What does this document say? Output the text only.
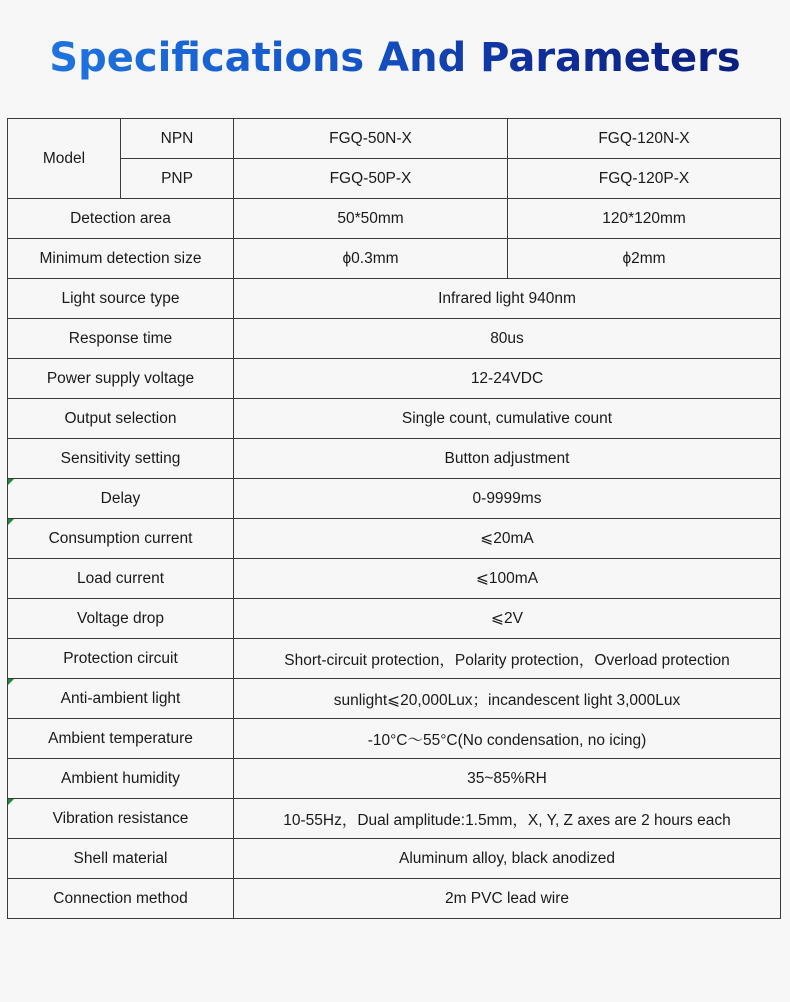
Specifications And Parameters
Model	NPN	FGQ-50N-X	FGQ-120N-X
	PNP	FGQ-50P-X	FGQ-120P-X
Detection area		50*50mm	120*120mm
Minimum detection size		ϕ0.3mm	ϕ2mm
Light source type		Infrared light 940nm	
Response time		80us	
Power supply voltage		12-24VDC	
Output selection		Single count, cumulative count	
Sensitivity setting		Button adjustment	
Delay		0-9999ms	
Consumption current		⩽20mA	
Load current		⩽100mA	
Voltage drop		⩽2V	
Protection circuit		Short-circuit protection，Polarity protection，Overload protection	
Anti-ambient light		sunlight⩽20,000Lux；incandescent light 3,000Lux	
Ambient temperature		-10°C～55°C(No condensation, no icing)	
Ambient humidity		35~85%RH	
Vibration resistance		10-55Hz，Dual amplitude:1.5mm，X, Y, Z axes are 2 hours each	
Shell material		Aluminum alloy, black anodized	
Connection method		2m PVC lead wire	
